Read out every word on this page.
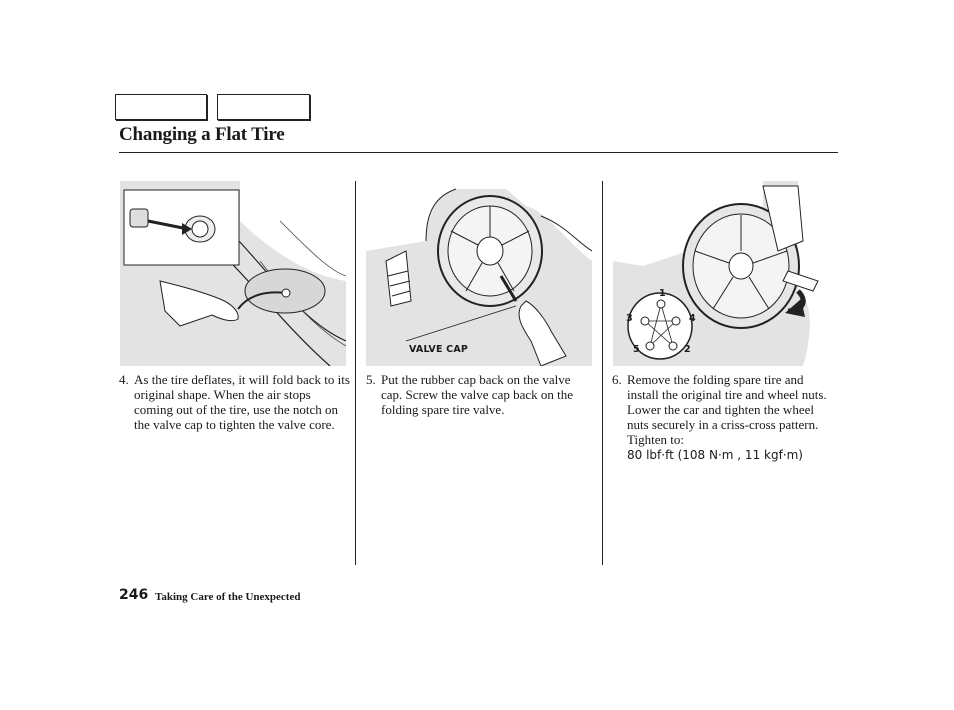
Changing a Flat Tire
VALVE CAP
1
2
3	4
5
4. As the tire deflates, it will fold back to its original shape. When the air stops coming out of the tire, use the notch on the valve cap to tighten the valve core.
5. Put the rubber cap back on the valve cap. Screw the valve cap back on the folding spare tire valve.
6. Remove the folding spare tire and install the original tire and wheel nuts. Lower the car and tighten the wheel nuts securely in a criss-cross pattern. Tighten to:
80 lbf·ft (108 N·m , 11 kgf·m)
246 Taking Care of the Unexpected
